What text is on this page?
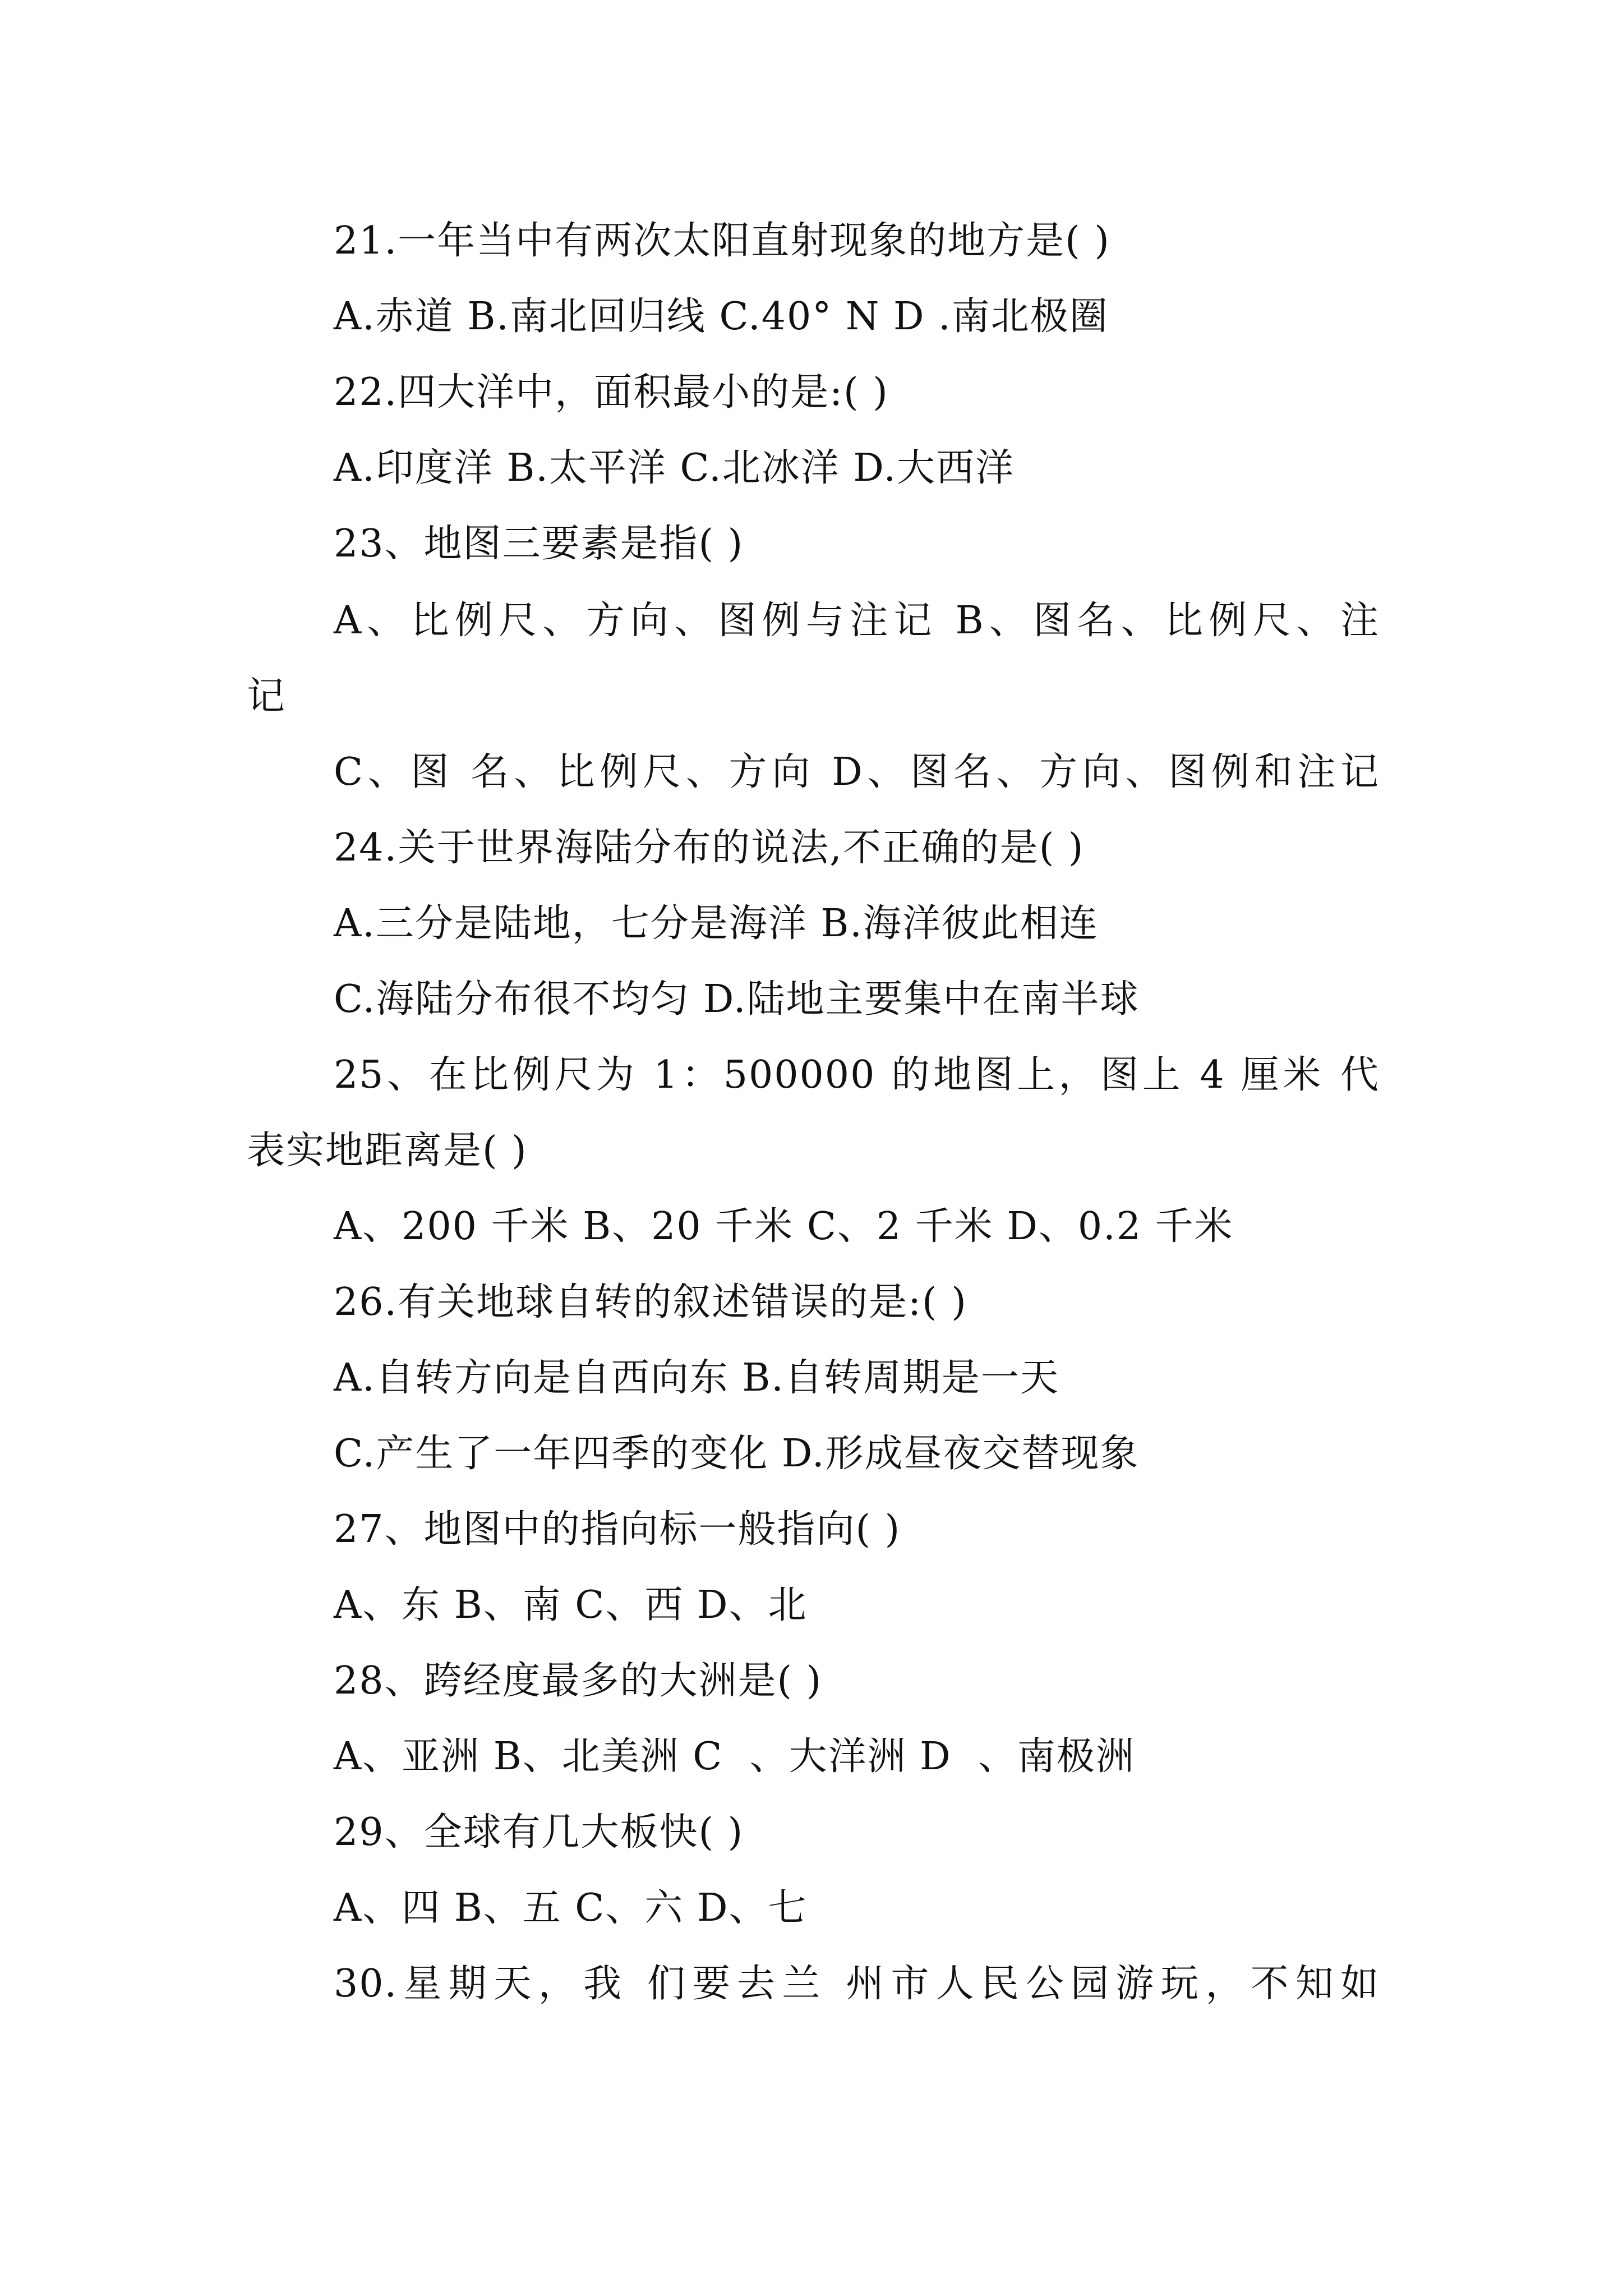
21.一年当中有两次太阳直射现象的地方是( )
A.赤道 B.南北回归线 C.40° N D .南北极圈
22.四大洋中，面积最小的是:( )
A.印度洋 B.太平洋 C.北冰洋 D.大西洋
23、地图三要素是指( )
A、比例尺、方向、图例与注记 B、图名、比例尺、注
记
C、图 名、比例尺、方向 D、图名、方向、图例和注记
24.关于世界海陆分布的说法,不正确的是( )
A.三分是陆地，七分是海洋 B.海洋彼此相连
C.海陆分布很不均匀 D.陆地主要集中在南半球
25、在比例尺为 1：500000 的地图上，图上 4 厘米 代
表实地距离是( )
A、200 千米 B、20 千米 C、2 千米 D、0.2 千米
26.有关地球自转的叙述错误的是:( )
A.自转方向是自西向东 B.自转周期是一天
C.产生了一年四季的变化 D.形成昼夜交替现象
27、地图中的指向标一般指向( )
A、东 B、南 C、西 D、北
28、跨经度最多的大洲是( )
A、亚洲 B、北美洲 C  、大洋洲 D  、南极洲
29、全球有几大板快( )
A、四 B、五 C、六 D、七
30.星期天，我 们要去兰 州市人民公园游玩，不知如
